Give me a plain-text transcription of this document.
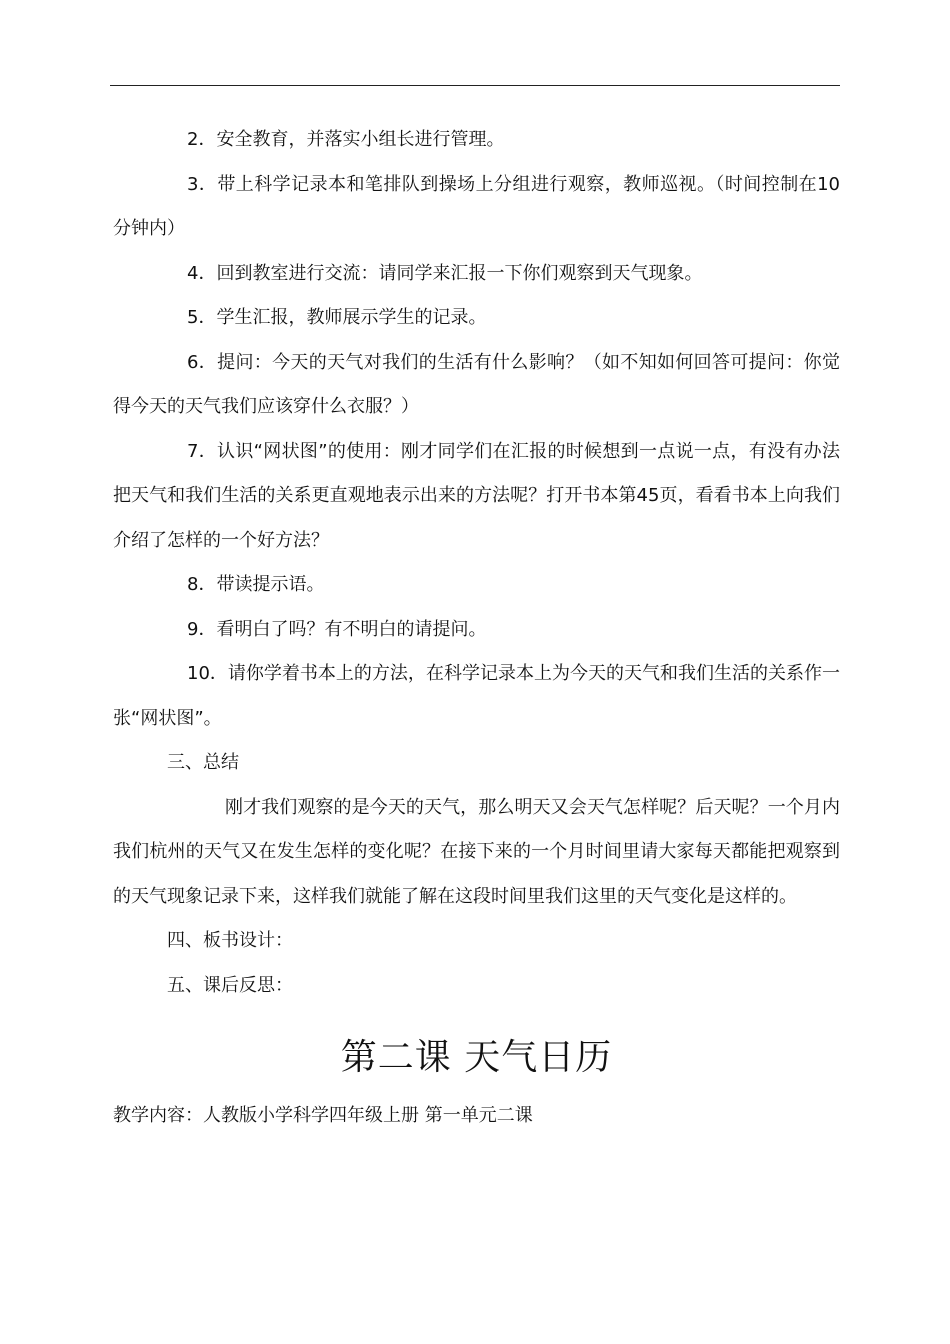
2．安全教育，并落实小组长进行管理。

3．带上科学记录本和笔排队到操场上分组进行观察，教师巡视。（时间控制在10分钟内）

4．回到教室进行交流：请同学来汇报一下你们观察到天气现象。

5．学生汇报，教师展示学生的记录。

6．提问：今天的天气对我们的生活有什么影响？（如不知如何回答可提问：你觉得今天的天气我们应该穿什么衣服？）

7．认识“网状图”的使用：刚才同学们在汇报的时候想到一点说一点，有没有办法把天气和我们生活的关系更直观地表示出来的方法呢？打开书本第45页，看看书本上向我们介绍了怎样的一个好方法？

8．带读提示语。

9．看明白了吗？有不明白的请提问。

10．请你学着书本上的方法，在科学记录本上为今天的天气和我们生活的关系作一张“网状图”。

三、总结

刚才我们观察的是今天的天气，那么明天又会天气怎样呢？后天呢？一个月内我们杭州的天气又在发生怎样的变化呢？在接下来的一个月时间里请大家每天都能把观察到的天气现象记录下来，这样我们就能了解在这段时间里我们这里的天气变化是这样的。

四、板书设计：

五、课后反思：

第二课 天气日历

教学内容：人教版小学科学四年级上册 第一单元二课
